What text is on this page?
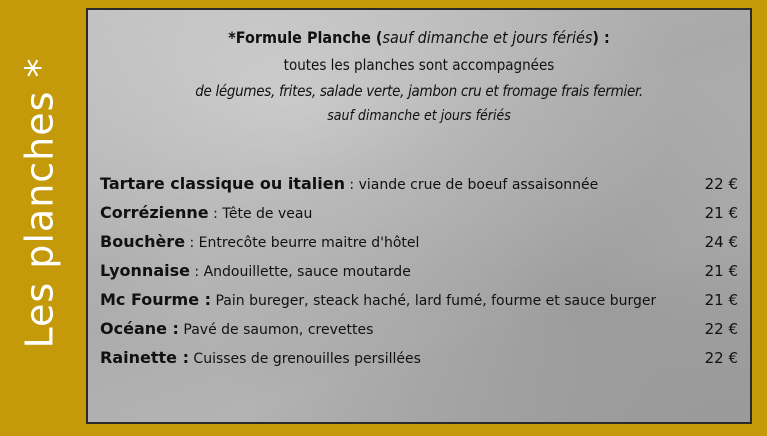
Les planches *
*Formule Planche (sauf dimanche et jours fériés) :
toutes les planches sont accompagnées
de légumes, frites, salade verte, jambon cru et fromage frais fermier.
sauf dimanche et jours fériés
Tartare classique ou italien : viande crue de boeuf assaisonnée	22 €
Corrézienne : Tête de veau	21 €
Bouchère : Entrecôte beurre maitre d'hôtel	24 €
Lyonnaise : Andouillette, sauce moutarde	21 €
Mc Fourme : Pain bureger, steack haché, lard fumé, fourme et sauce burger	21 €
Océane : Pavé de saumon, crevettes	22 €
Rainette : Cuisses de grenouilles persillées	22 €
